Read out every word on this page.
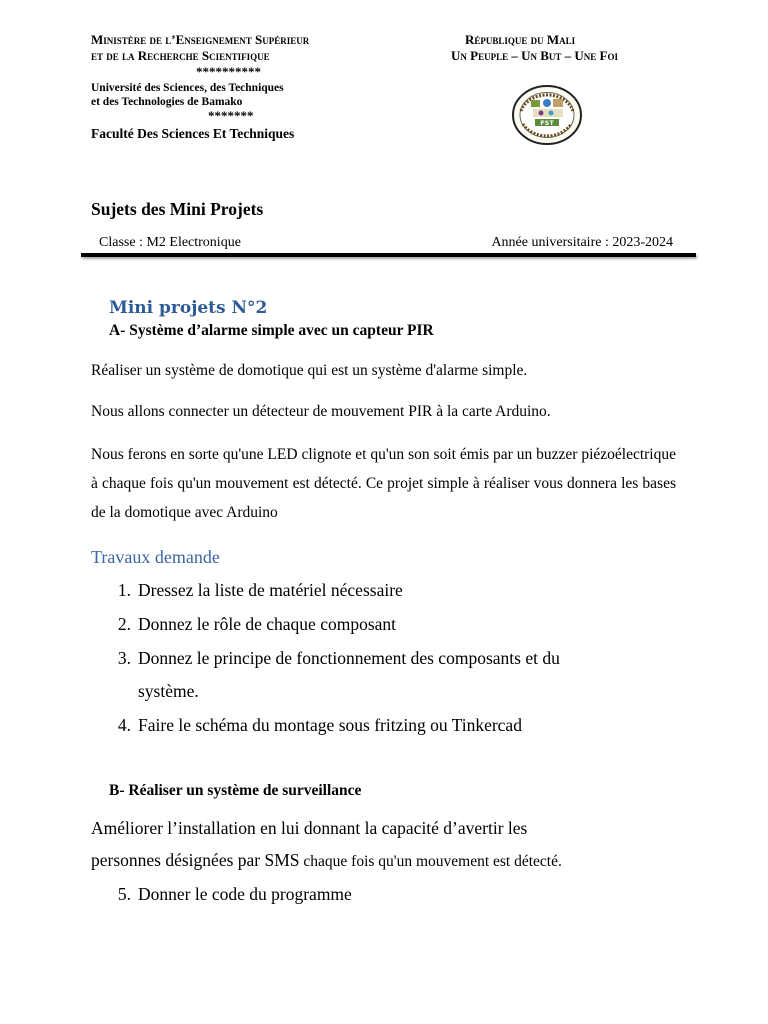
Ministère de l’Enseignement Supérieur
et de la Recherche Scientifique
**********
Université des Sciences, des Techniques
et des Technologies de Bamako
*******
Faculté Des Sciences Et Techniques
République du Mali
Un Peuple – Un But – Une Foi
FST
Sujets des Mini Projets
Classe : M2 Electronique	Année universitaire : 2023-2024
Mini projets N°2
A- Système d’alarme simple avec un capteur PIR
Réaliser un système de domotique qui est un système d'alarme simple.
Nous allons connecter un détecteur de mouvement PIR à la carte Arduino.
Nous ferons en sorte qu'une LED clignote et qu'un son soit émis par un buzzer piézoélectrique à chaque fois qu'un mouvement est détecté. Ce projet simple à réaliser vous donnera les bases de la domotique avec Arduino
Travaux demande
1. Dressez la liste de matériel nécessaire
2. Donnez le rôle de chaque composant
3. Donnez le principe de fonctionnement des composants et du
système.
4. Faire le schéma du montage sous fritzing ou Tinkercad
B- Réaliser un système de surveillance
Améliorer l’installation en lui donnant la capacité d’avertir les
personnes désignées par SMS chaque fois qu'un mouvement est détecté.
5. Donner le code du programme
